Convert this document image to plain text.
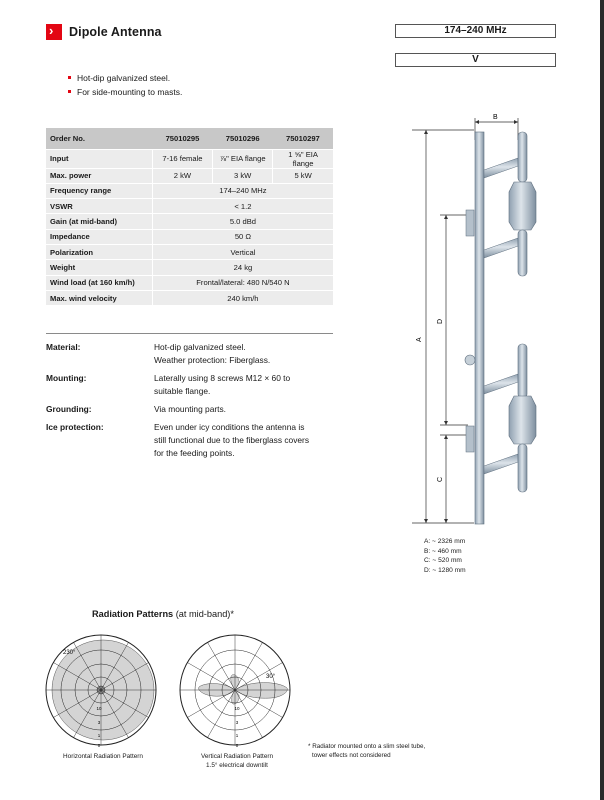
› Dipole Antenna	174–240 MHz
V
Hot-dip galvanized steel.
For side-mounting to masts.
Order No.	75010295	75010296	75010297
Input	7-16 female	⅞" EIA flange	1 ⅝" EIA flange
Max. power	2 kW	3 kW	5 kW
Frequency range	174–240 MHz		
VSWR	< 1.2		
Gain (at mid-band)	5.0 dBd		
Impedance	50 Ω		
Polarization	Vertical		
Weight	24 kg		
Wind load (at 160 km/h)	Frontal/lateral: 480 N/540 N		
Max. wind velocity	240 km/h		
Material:	Hot-dip galvanized steel.
Weather protection: Fiberglass.
Mounting:	Laterally using 8 screws M12 × 60 to
suitable flange.
Grounding:	Via mounting parts.
Ice protection:	Even under icy conditions the antenna is
still functional due to the fiberglass covers
for the feeding points.
B
A
D
C
A: ~ 2326 mm
B: ~ 460 mm
C: ~ 520 mm
D: ~ 1280 mm
Radiation Patterns (at mid-band)*
230°
10
3
1
0
30°
10
3
1
0
Horizontal Radiation Pattern	Vertical Radiation Pattern
1.5° electrical downtilt
* Radiator mounted onto a slim steel tube,
tower effects not considered
